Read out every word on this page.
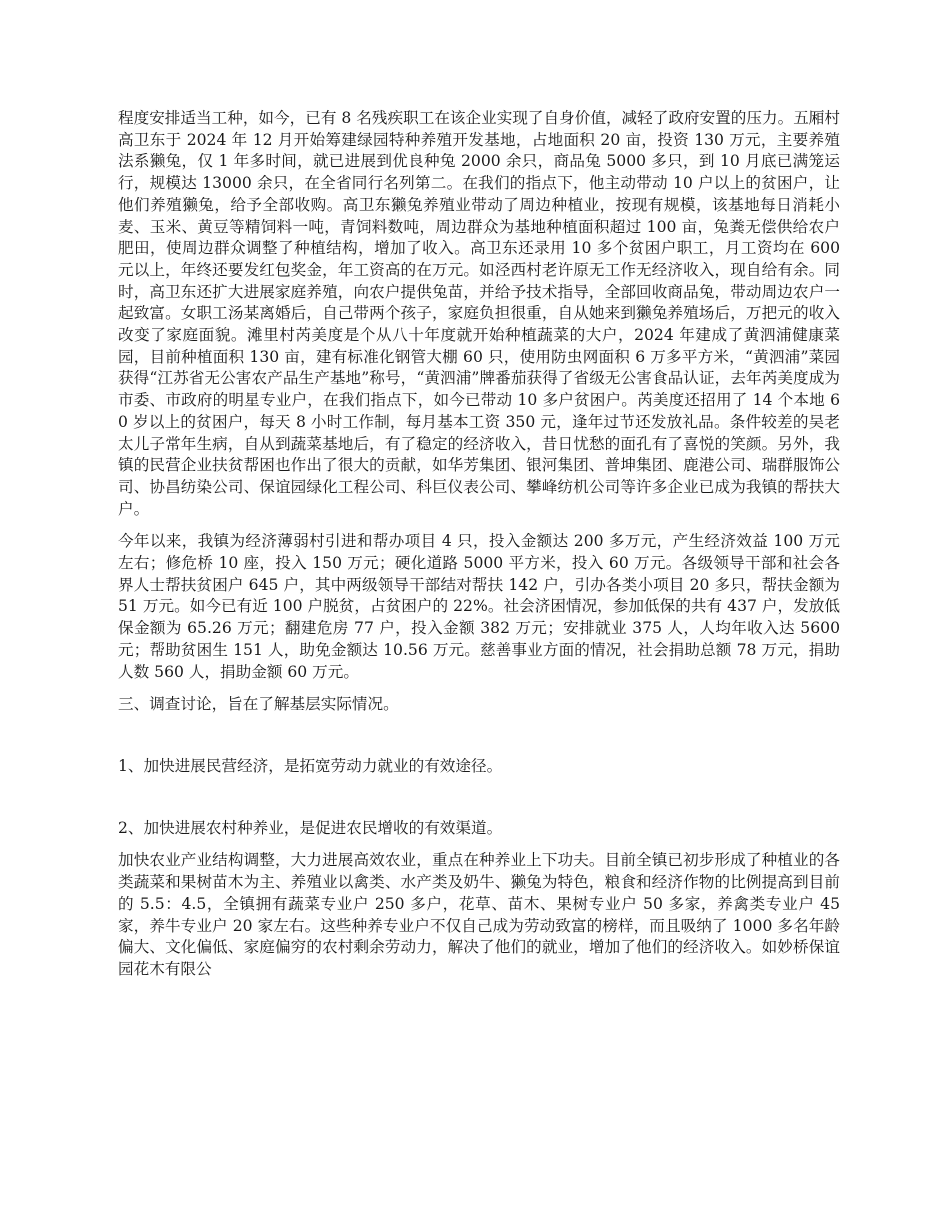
程度安排适当工种，如今，已有 8 名残疾职工在该企业实现了自身价值，减轻了政府安置的压力。五厢村高卫东于 2024 年 12 月开始筹建绿园特种养殖开发基地，占地面积 20 亩，投资 130 万元，主要养殖法系獭兔，仅 1 年多时间，就已进展到优良种兔 2000 余只，商品兔 5000 多只，到 10 月底已满笼运行，规模达 13000 余只，在全省同行名列第二。在我们的指点下，他主动带动 10 户以上的贫困户，让他们养殖獭兔，给予全部收购。高卫东獭兔养殖业带动了周边种植业，按现有规模，该基地每日消耗小麦、玉米、黄豆等精饲料一吨，青饲料数吨，周边群众为基地种植面积超过 100 亩，兔粪无偿供给农户肥田，使周边群众调整了种植结构，增加了收入。高卫东还录用 10 多个贫困户职工，月工资均在 600 元以上，年终还要发红包奖金，年工资高的在万元。如泾西村老许原无工作无经济收入，现自给有余。同时，高卫东还扩大进展家庭养殖，向农户提供兔苗，并给予技术指导，全部回收商品兔，带动周边农户一起致富。女职工汤某离婚后，自己带两个孩子，家庭负担很重，自从她来到獭兔养殖场后，万把元的收入改变了家庭面貌。滩里村芮美度是个从八十年度就开始种植蔬菜的大户，2024 年建成了黄泗浦健康菜园，目前种植面积 130 亩，建有标准化钢管大棚 60 只，使用防虫网面积 6 万多平方米，“黄泗浦”菜园获得“江苏省无公害农产品生产基地”称号，“黄泗浦”牌番茄获得了省级无公害食品认证，去年芮美度成为市委、市政府的明星专业户，在我们指点下，如今已带动 10 多户贫困户。芮美度还招用了 14 个本地 60 岁以上的贫困户，每天 8 小时工作制，每月基本工资 350 元，逢年过节还发放礼品。条件较差的吴老太儿子常年生病，自从到蔬菜基地后，有了稳定的经济收入，昔日忧愁的面孔有了喜悦的笑颜。另外，我镇的民营企业扶贫帮困也作出了很大的贡献，如华芳集团、银河集团、普坤集团、鹿港公司、瑞群服饰公司、协昌纺染公司、保谊园绿化工程公司、科巨仪表公司、攀峰纺机公司等许多企业已成为我镇的帮扶大户。

今年以来，我镇为经济薄弱村引进和帮办项目 4 只，投入金额达 200 多万元，产生经济效益 100 万元左右；修危桥 10 座，投入 150 万元；硬化道路 5000 平方米，投入 60 万元。各级领导干部和社会各界人士帮扶贫困户 645 户，其中两级领导干部结对帮扶 142 户，引办各类小项目 20 多只，帮扶金额为 51 万元。如今已有近 100 户脱贫，占贫困户的 22%。社会济困情况，参加低保的共有 437 户，发放低保金额为 65.26 万元；翻建危房 77 户，投入金额 382 万元；安排就业 375 人，人均年收入达 5600 元；帮助贫困生 151 人，助免金额达 10.56 万元。慈善事业方面的情况，社会捐助总额 78 万元，捐助人数 560 人，捐助金额 60 万元。

三、调查讨论，旨在了解基层实际情况。

1、加快进展民营经济，是拓宽劳动力就业的有效途径。

2、加快进展农村种养业，是促进农民增收的有效渠道。

加快农业产业结构调整，大力进展高效农业，重点在种养业上下功夫。目前全镇已初步形成了种植业的各类蔬菜和果树苗木为主、养殖业以禽类、水产类及奶牛、獭兔为特色，粮食和经济作物的比例提高到目前的 5.5：4.5，全镇拥有蔬菜专业户 250 多户，花草、苗木、果树专业户 50 多家，养禽类专业户 45 家，养牛专业户 20 家左右。这些种养专业户不仅自己成为劳动致富的榜样，而且吸纳了 1000 多名年龄偏大、文化偏低、家庭偏穷的农村剩余劳动力，解决了他们的就业，增加了他们的经济收入。如妙桥保谊园花木有限公
